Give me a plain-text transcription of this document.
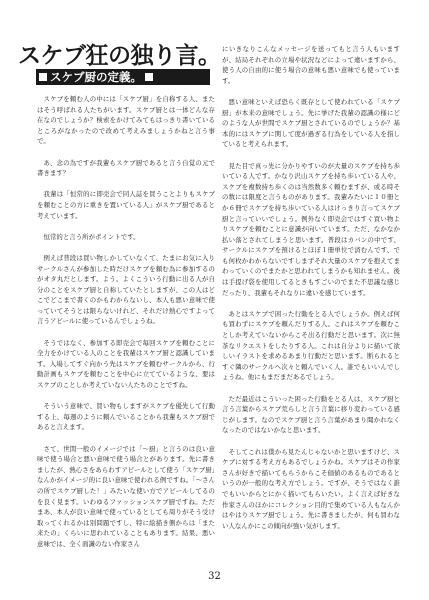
スケブ狂の独り言。
スケブ厨の定義。

スケブを頼む人の中には「スケブ厨」を自称する人、またはそう呼ばれる人たちがいます。スケブ厨とは一体どんな存在なのでしょうか？検索をかけてみてもはっきり書いているところがなかったので改めて考えみましょうかねと言う事で。

あ、念の為ですが我輩もスケブ厨であると言う自覚の元で書きます？

我輩は「恒常的に即売会で同人誌を買うことよりもスケブを頼むことの方に重きを置いている人」がスケブ厨であると考えています。

恒常的と言う所がポイントです。

例えば普段は買い物しかしていなくて、たまにお気に入りサークルさんが参加した時だけスケブを頼む為に参加するのがオタ丸だとします。よう。よくこういう行動に出る人が自分のことをスケブ厨と自称していたとしますが、この人はどこでどこまで書くのかもわからないし、本人も悪い意味で使っていてそうとは限らないけれど、それだけ熱心ですよって言うアピールに使っているんでしょうね。

そうではなく、参加する即売会で毎回スケブを頼むことに全力をかけている人のことを我輩はスケブ厨と認識しています。入場してすぐ向かう先はスケブを頼むサークルから、行動計画もスケブを頼むことを中心に立てているような、要はスケブのことしか考えていない人たちのことですね。

そういう意味で、買い物もしますがスケブを優先して行動する上、毎週のように頼んでいることから我輩もスケブ厨であると言えます。

さて、世間一般のイメージでは「〜厨」と言うのは良い意味で使う場合と悪い意味で使う場合とがあります。先に書きましたが、熱心さをあらわすアピールとして使う「スケブ厨」なんかがイメージ的に良い意味で使われる例ですね。「〜さんの所でスケブ厨した！」みたいな使い方でアピールしてるのを良く見ます。いわゆるファッションスケブ厨ですね。ただまあ、本人が良い意味で使っているとしても周りがそう受け取ってくれるかは別問題ですし、特に絵描き側からは「また来たの」くらいに思われていることもあります。結果、悪い意味では、全く面識のない作家さん

にいきなりこんなメッセージを送ってもと言う人もいますが、結局それぞれの立場や状況などによって違いますから、使う人の自由的に使う場合の意味も悪い意味でも使っています。

悪い意味といえば恐らく既存として使われている「スケブ厨」が本来の意味でしょう。先に挙げた我輩の認識の様にどのような人が世間でスケブ厨とされているのでしょうか？基本的にはスケブに関して度が過ぎる行為をしている人を指していると考えられます。

見た目で真っ先に分かりやすいのが大量のスケブを持ち歩いている人です。かなり沢山スケブを持ち歩いている人や、スケブを複数持ち歩くのは当然数多く頼むますが、或る時その数には限度と言うものがあります。我輩みたいに１０冊とか６冊でスケブを持ち歩いている人はけっきり言ってスケブ厨と言っていいでしょう。例外なく即売会ではすぐ買い物よりスケブを頼むことに意識が向いています。ただ、なかなか払い落とされてしまうと思います。普段はカバンの中です、サークルにスケブを預けるとほぼ１冊単位で済むんです、でも何枚かわからないですしまずそれ大量のスケブを抱えてまわっていくのでまたかと思われてしまうかも知れません。後は手提げ袋を使用してるときもすごいのでまた不思議な感じだったり、我輩もそれなりに違いを感じています。

あとはスケブで困った行動をとる人でしょうか。例えば何も買わずにスケブを頼んだりする人。これはスケブを頼むことしか考えていないからこそ出る行動だと思います。次に無茶なリクエストをしたりする人。これは自分よりに描いて欲しいイラストを求めるあまり行動だと思います。断られるとすぐ隣のサークルへ次々と頼んでいく人。誰でもいいんでしょうね。他にもまだまだあるでしょう。

ただ最近はこういった困った行動をとる人は、スケブ厨と言う言葉からスケブ荒らしと言う言葉に移り変わっている感じがします。なのでスケブ厨と言う言葉があまり聞かれなくなったのではないかなと思います。

そしてこれは僕から見たんじゃないかと思いますけど、スケブに対する考え方もあるでしょうかね。スケブはその作家さんが好きで描いてもらうからこそ価値のあるものであるというのが一般的な考え方でしょう。ですが、そうではなく誰でもいいからとにかく描いてもらいたい。よく言えば好きな作家さんのほかにコレクション目的で集めている人もなんかはやはりスケブ厨でしょう。先に書きましたが、何も買わない人なんかにこの傾向が強い気がします。

32
